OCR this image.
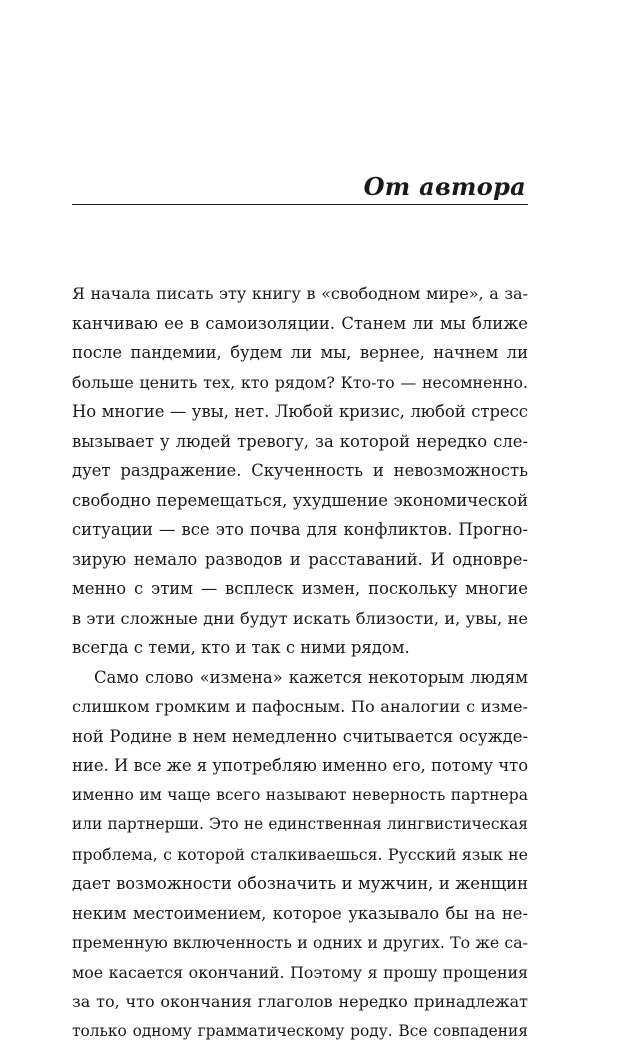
От автора
Я начала писать эту книгу в «свободном мире», а за-
канчиваю ее в самоизоляции. Станем ли мы ближе
после пандемии, будем ли мы, вернее, начнем ли
больше ценить тех, кто рядом? Кто-то — несомненно.
Но многие — увы, нет. Любой кризис, любой стресс
вызывает у людей тревогу, за которой нередко сле-
дует раздражение. Скученность и невозможность
свободно перемещаться, ухудшение экономической
ситуации — все это почва для конфликтов. Прогно-
зирую немало разводов и расставаний. И одновре-
менно с этим — всплеск измен, поскольку многие
в эти сложные дни будут искать близости, и, увы, не
всегда с теми, кто и так с ними рядом.
Само слово «измена» кажется некоторым людям
слишком громким и пафосным. По аналогии с изме-
ной Родине в нем немедленно считывается осужде-
ние. И все же я употребляю именно его, потому что
именно им чаще всего называют неверность партнера
или партнерши. Это не единственная лингвистическая
проблема, с которой сталкиваешься. Русский язык не
дает возможности обозначить и мужчин, и женщин
неким местоимением, которое указывало бы на не-
пременную включенность и одних и других. То же са-
мое касается окончаний. Поэтому я прошу прощения
за то, что окончания глаголов нередко принадлежат
только одному грамматическому роду. Все совпадения
